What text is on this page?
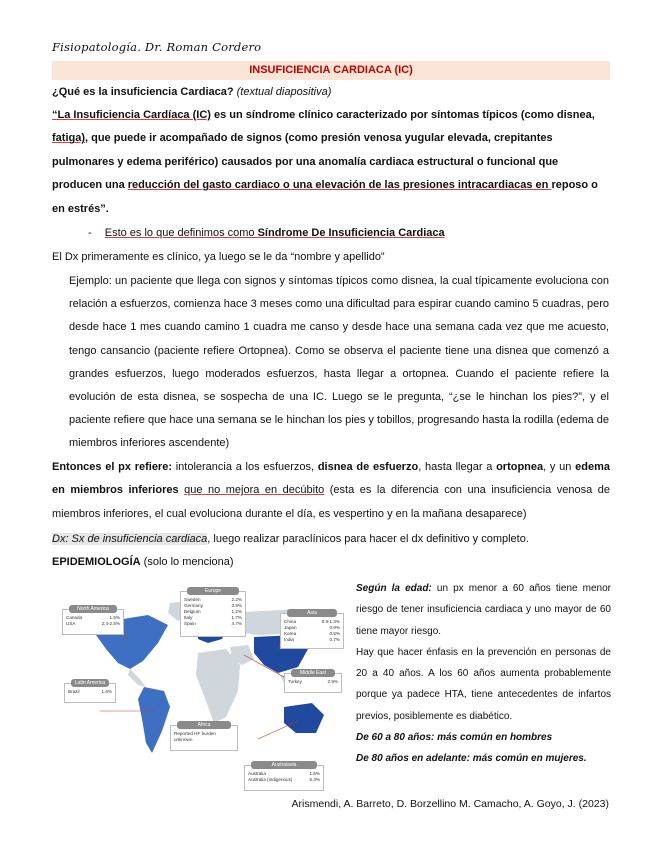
Fisiopatología. Dr. Roman Cordero
INSUFICIENCIA CARDIACA (IC)
¿Qué es la insuficiencia Cardiaca? (textual diapositiva)
“La Insuficiencia Cardíaca (IC) es un síndrome clínico caracterizado por síntomas típicos (como disnea,
fatiga), que puede ir acompañado de signos (como presión venosa yugular elevada, crepitantes
pulmonares y edema periférico) causados por una anomalía cardiaca estructural o funcional que
producen una reducción del gasto cardiaco o una elevación de las presiones intracardiacas en reposo o
en estrés”.
- Esto es lo que definimos como Síndrome De Insuficiencia Cardiaca
El Dx primeramente es clínico, ya luego se le da “nombre y apellido”
Ejemplo: un paciente que llega con signos y síntomas típicos como disnea, la cual típicamente evoluciona con relación a esfuerzos, comienza hace 3 meses como una dificultad para espirar cuando camino 5 cuadras, pero desde hace 1 mes cuando camino 1 cuadra me canso y desde hace una semana cada vez que me acuesto, tengo cansancio (paciente refiere Ortopnea). Como se observa el paciente tiene una disnea que comenzó a grandes esfuerzos, luego moderados esfuerzos, hasta llegar a ortopnea. Cuando el paciente refiere la evolución de esta disnea, se sospecha de una IC. Luego se le pregunta, “¿se le hinchan los pies?”, y el paciente refiere que hace una semana se le hinchan los pies y tobillos, progresando hasta la rodilla (edema de miembros inferiores ascendente)
Entonces el px refiere: intolerancia a los esfuerzos, disnea de esfuerzo, hasta llegar a ortopnea, y un edema en miembros inferiores que no mejora en decúbito (esta es la diferencia con una insuficiencia venosa de miembros inferiores, el cual evoluciona durante el día, es vespertino y en la mañana desaparece)
Dx: Sx de insuficiencia cardiaca, luego realizar paraclínicos para hacer el dx definitivo y completo.
EPIDEMIOLOGÍA (solo lo menciona)
Europe
Sweden	2.2%
Germany	3.9%
Belgium	1.2%
Italy	1.7%
Spain	4.7%
Asia
China	0.9-1.3%
Japan	0.9%
Korea	0.5%
India	0.7%
North America
Canada	1.5%
USA	2.4-2.5%
Middle East
Turkey	2.9%
Latin America
Brazil	1.6%
Africa
Reported HF burden unknown
Australasia
Australia	1.5%
Australia (indigenous)	5.3%
Según la edad: un px menor a 60 años tiene menor riesgo de tener insuficiencia cardiaca y uno mayor de 60 tiene mayor riesgo.
Hay que hacer énfasis en la prevención en personas de 20 a 40 años. A los 60 años aumenta probablemente porque ya padece HTA, tiene antecedentes de infartos previos, posiblemente es diabético.
De 60 a 80 años: más común en hombres
De 80 años en adelante: más común en mujeres.
Arismendi, A. Barreto, D. Borzellino M. Camacho, A. Goyo, J. (2023)
